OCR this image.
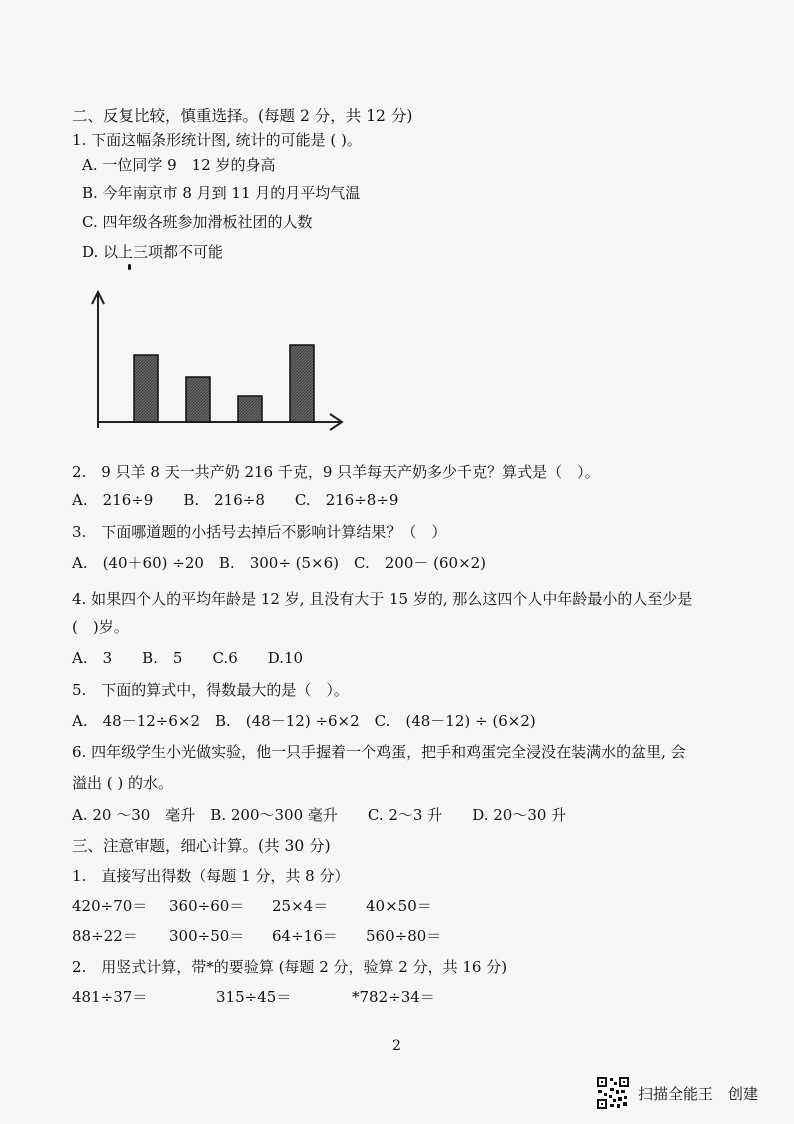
二、反复比较，慎重选择。(每题 2 分，共 12 分)
1. 下面这幅条形统计图, 统计的可能是 ( )。
A. 一位同学 9　12 岁的身高
B. 今年南京市 8 月到 11 月的月平均气温
C. 四年级各班参加滑板社团的人数
D. 以上三项都不可能
2.　9 只羊 8 天一共产奶 216 千克，9 只羊每天产奶多少千克？算式是（　）。
A.　216÷9　　B.　216÷8　　C.　216÷8÷9
3.　下面哪道题的小括号去掉后不影响计算结果？（　）
A.　(40＋60) ÷20　B.　300÷ (5×6)　C.　200－ (60×2)
4. 如果四个人的平均年龄是 12 岁, 且没有大于 15 岁的, 那么这四个人中年龄最小的人至少是
(　)岁。
A.　3　　B.　5　　C.6　　D.10
5.　下面的算式中，得数最大的是（　）。
A.　48－12÷6×2　B.　(48－12) ÷6×2　C.　(48－12) ÷ (6×2)
6. 四年级学生小光做实验，他一只手握着一个鸡蛋，把手和鸡蛋完全浸没在装满水的盆里, 会
溢出 ( ) 的水。
A. 20 ～30　毫升　B. 200～300 毫升　　C. 2～3 升　　D. 20～30 升
三、注意审题，细心计算。(共 30 分)
1.　直接写出得数（每题 1 分，共 8 分）
420÷70＝ 360÷60＝ 25×4＝	40×50＝
88÷22＝ 300÷50＝ 64÷16＝ 560÷80＝
2.　用竖式计算，带*的要验算 (每题 2 分，验算 2 分，共 16 分)
481÷37＝	315÷45＝	*782÷34＝
2
扫描全能王　创建
